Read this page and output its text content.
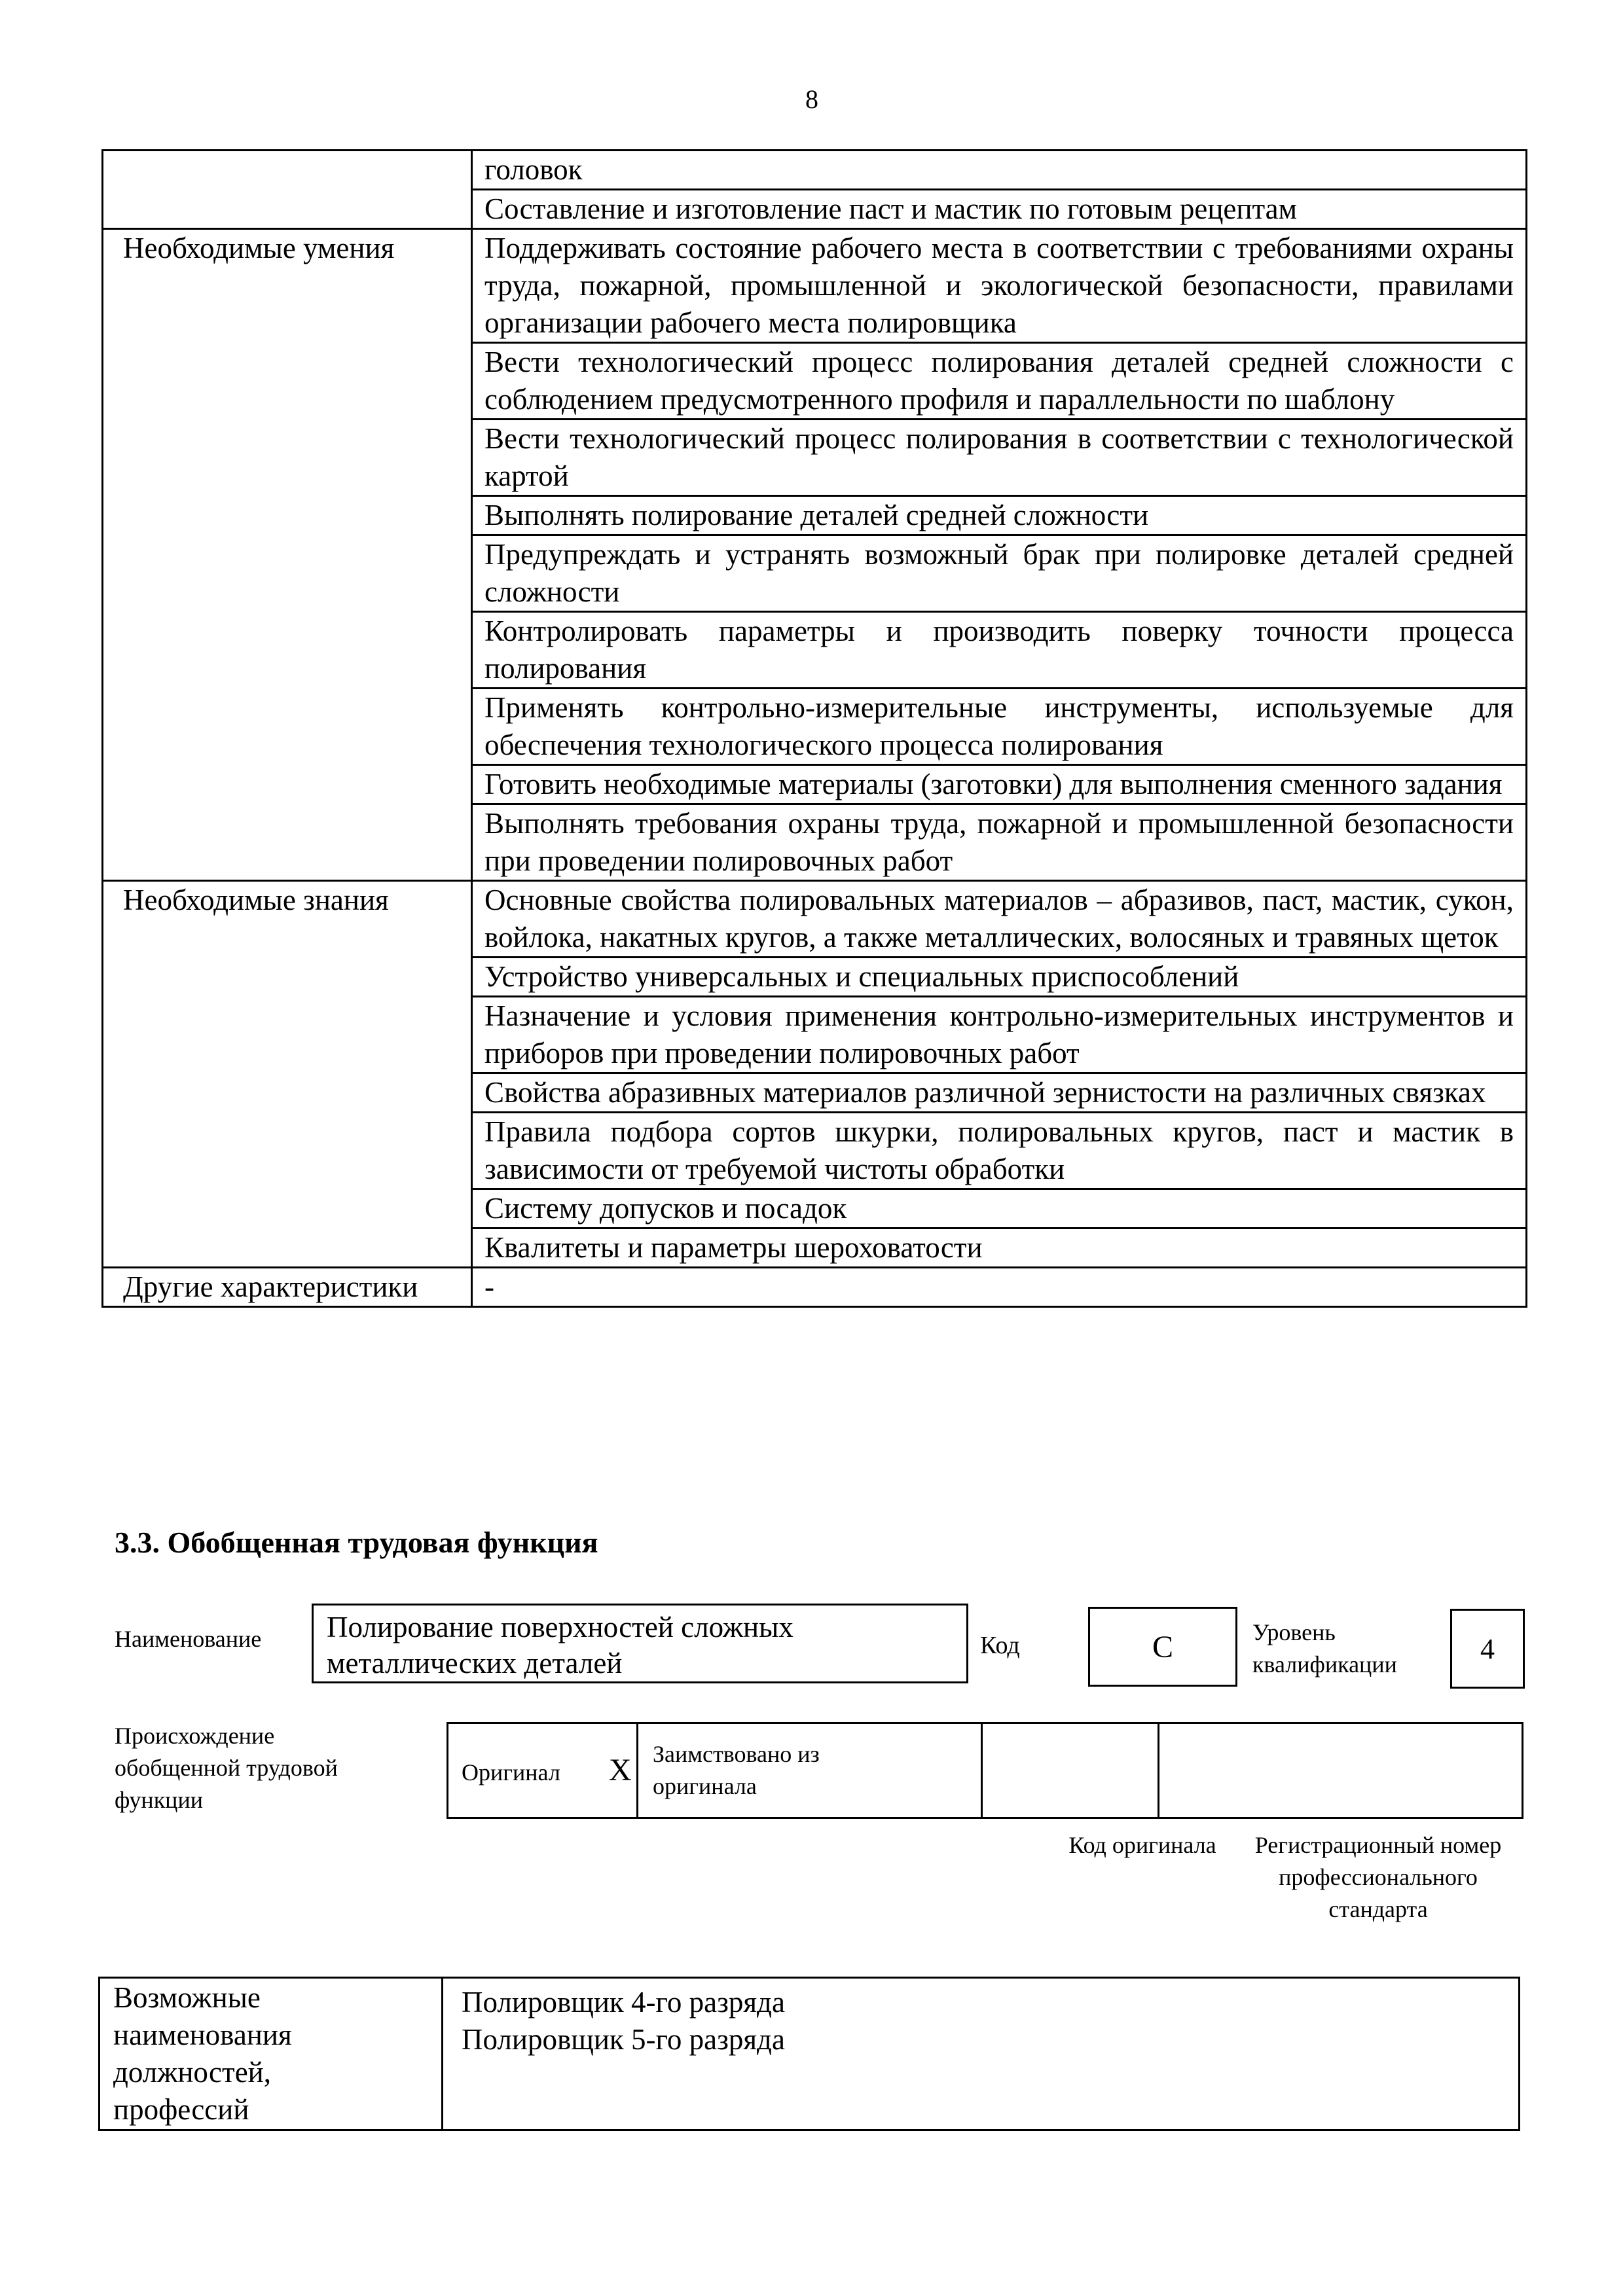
8
	головок
	Составление и изготовление паст и мастик по готовым рецептам
Необходимые умения	Поддерживать состояние рабочего места в соответствии с требованиями охраны труда, пожарной, промышленной и экологической безопасности, правилами организации рабочего места полировщика
	Вести технологический процесс полирования деталей средней сложности с соблюдением предусмотренного профиля и параллельности по шаблону
	Вести технологический процесс полирования в соответствии с технологической картой
	Выполнять полирование деталей средней сложности
	Предупреждать и устранять возможный брак при полировке деталей средней сложности
	Контролировать параметры и производить поверку точности процесса полирования
	Применять контрольно-измерительные инструменты, используемые для обеспечения технологического процесса полирования
	Готовить необходимые материалы (заготовки) для выполнения сменного задания
	Выполнять требования охраны труда, пожарной и промышленной безопасности при проведении полировочных работ
Необходимые знания	Основные свойства полировальных материалов – абразивов, паст, мастик, сукон, войлока, накатных кругов, а также металлических, волосяных и травяных щеток
	Устройство универсальных и специальных приспособлений
	Назначение и условия применения контрольно-измерительных инструментов и приборов при проведении полировочных работ
	Свойства абразивных материалов различной зернистости на различных связках
	Правила подбора сортов шкурки, полировальных кругов, паст и мастик в зависимости от требуемой чистоты обработки
	Систему допусков и посадок
	Квалитеты и параметры шероховатости
Другие характеристики	-
3.3. Обобщенная трудовая функция
Наименование	Полирование поверхностей сложных металлических деталей
Код	C	Уровень квалификации	4
Происхождение обобщенной трудовой функции
Оригинал X	Заимствовано из оригинала

Код оригинала	Регистрационный номер профессионального стандарта
Возможные наименования должностей, профессий

Полировщик 4-го разряда
Полировщик 5-го разряда
